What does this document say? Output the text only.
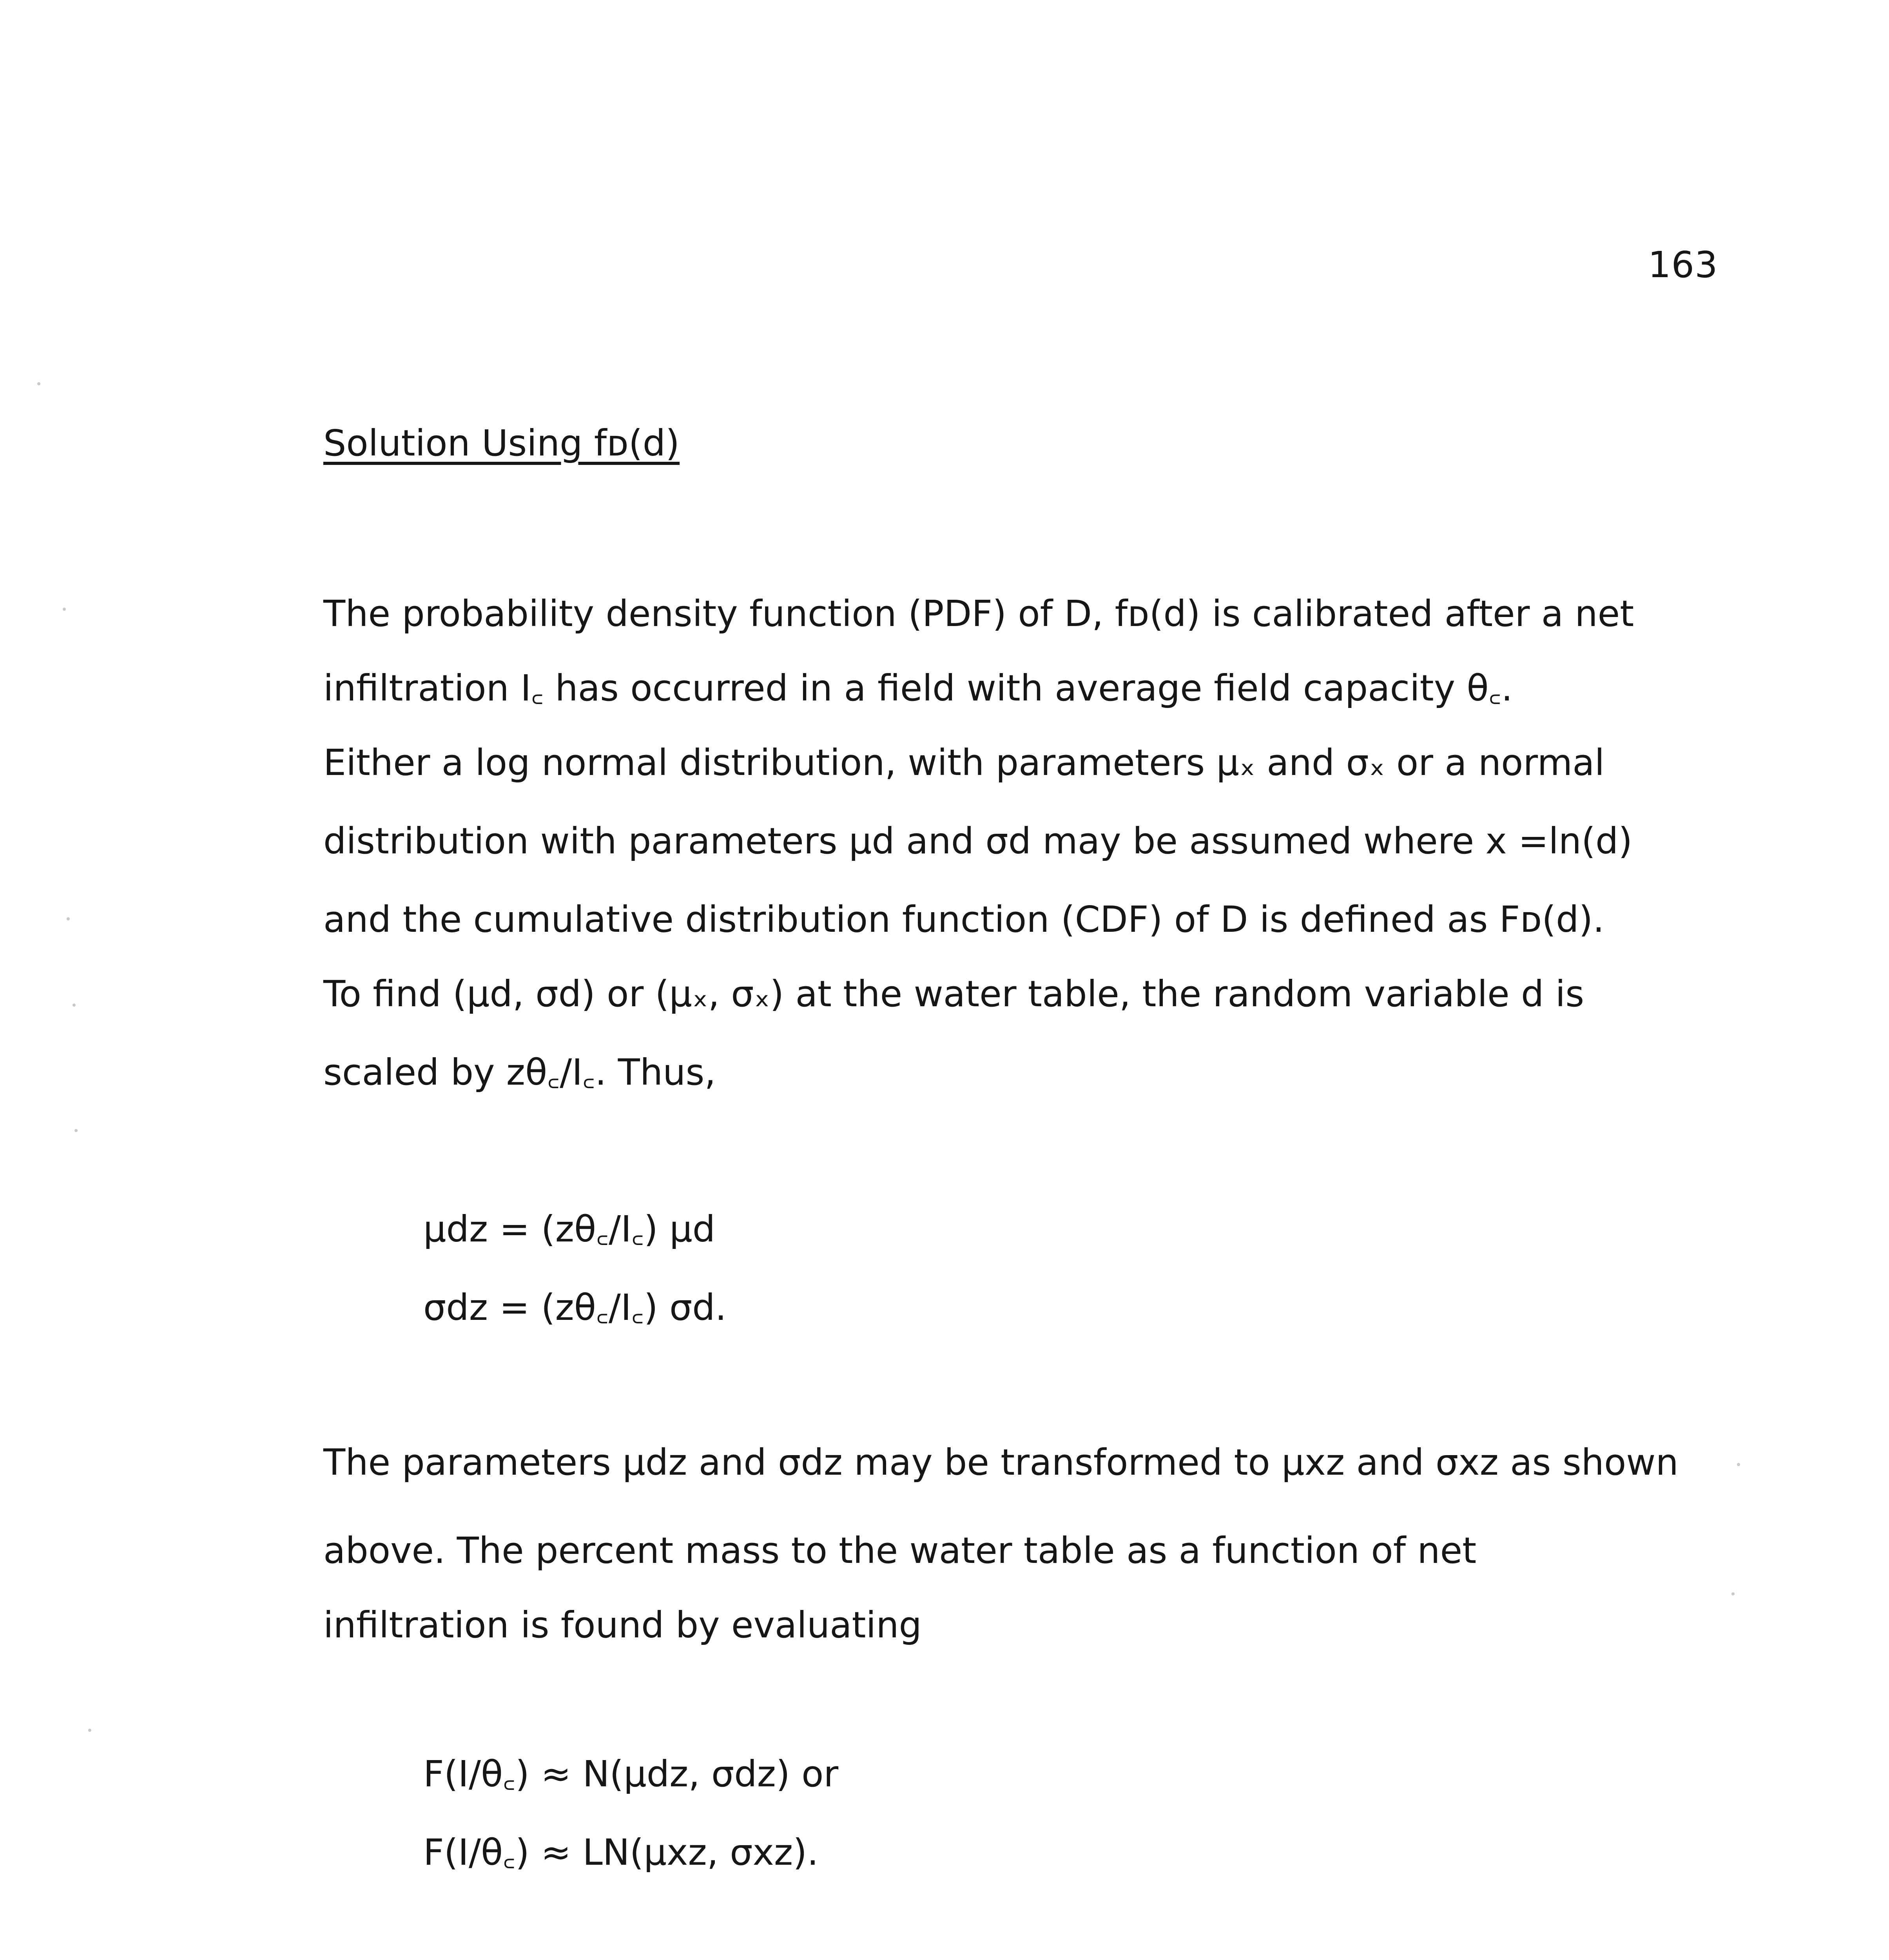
163
Solution Using fᴅ(d)
The probability density function (PDF) of D, fᴅ(d) is calibrated after a net
infiltration I꜀ has occurred in a field with average field capacity θ꜀.
Either a log normal distribution, with parameters μₓ and σₓ or a normal
distribution with parameters μd and σd may be assumed where x =ln(d)
and the cumulative distribution function (CDF) of D is defined as Fᴅ(d).
To find (μd, σd) or (μₓ, σₓ) at the water table, the random variable d is
scaled by zθ꜀/I꜀. Thus,
μdz = (zθ꜀/I꜀) μd
σdz = (zθ꜀/I꜀) σd.
The parameters μdz and σdz may be transformed to μxz and σxz as shown
above. The percent mass to the water table as a function of net
infiltration is found by evaluating
F(I/θ꜀) ≈ N(μdz, σdz) or
F(I/θ꜀) ≈ LN(μxz, σxz).
